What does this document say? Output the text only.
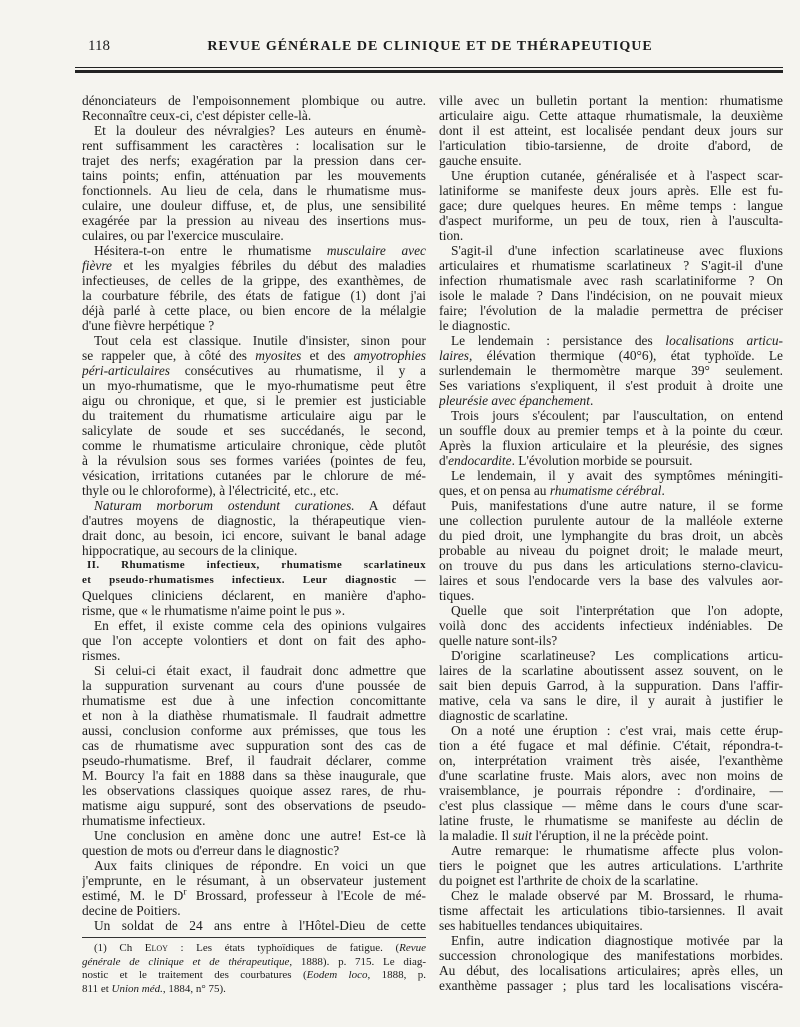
118	REVUE GÉNÉRALE DE CLINIQUE ET DE THÉRAPEUTIQUE
dénonciateurs de l'empoisonnement plombique ou autre.
Reconnaître ceux-ci, c'est dépister celle-là.
Et la douleur des névralgies? Les auteurs en énumè-
rent suffisamment les caractères : localisation sur le
trajet des nerfs; exagération par la pression dans cer-
tains points; enfin, atténuation par les mouvements
fonctionnels. Au lieu de cela, dans le rhumatisme mus-
culaire, une douleur diffuse, et, de plus, une sensibilité
exagérée par la pression au niveau des insertions mus-
culaires, ou par l'exercice musculaire.
Hésitera-t-on entre le rhumatisme musculaire avec
fièvre et les myalgies fébriles du début des maladies
infectieuses, de celles de la grippe, des exanthèmes, de
la courbature fébrile, des états de fatigue (1) dont j'ai
déjà parlé à cette place, ou bien encore de la mélalgie
d'une fièvre herpétique ?
Tout cela est classique. Inutile d'insister, sinon pour
se rappeler que, à côté des myosites et des amyotrophies
péri-articulaires consécutives au rhumatisme, il y a
un myo-rhumatisme, que le myo-rhumatisme peut être
aigu ou chronique, et que, si le premier est justiciable
du traitement du rhumatisme articulaire aigu par le
salicylate de soude et ses succédanés, le second,
comme le rhumatisme articulaire chronique, cède plutôt
à la révulsion sous ses formes variées (pointes de feu,
vésication, irritations cutanées par le chlorure de mé-
thyle ou le chloroforme), à l'électricité, etc., etc.
Naturam morborum ostendunt curationes. A défaut
d'autres moyens de diagnostic, la thérapeutique vien-
drait donc, au besoin, ici encore, suivant le banal adage
hippocratique, au secours de la clinique.
II. Rhumatisme infectieux, rhumatisme scarlatineux
et pseudo-rhumatismes infectieux. Leur diagnostic —
Quelques cliniciens déclarent, en manière d'apho-
risme, que « le rhumatisme n'aime point le pus ».
En effet, il existe comme cela des opinions vulgaires
que l'on accepte volontiers et dont on fait des apho-
rismes.
Si celui-ci était exact, il faudrait donc admettre que
la suppuration survenant au cours d'une poussée de
rhumatisme est due à une infection concomittante
et non à la diathèse rhumatismale. Il faudrait admettre
aussi, conclusion conforme aux prémisses, que tous les
cas de rhumatisme avec suppuration sont des cas de
pseudo-rhumatisme. Bref, il faudrait déclarer, comme
M. Bourcy l'a fait en 1888 dans sa thèse inaugurale, que
les observations classiques quoique assez rares, de rhu-
matisme aigu suppuré, sont des observations de pseudo-
rhumatisme infectieux.
Une conclusion en amène donc une autre! Est-ce là
question de mots ou d'erreur dans le diagnostic?
Aux faits cliniques de répondre. En voici un que
j'emprunte, en le résumant, à un observateur justement
estimé, M. le $D^r$ Brossard, professeur à l'Ecole de mé-
decine de Poitiers.
Un soldat de 24 ans entre à l'Hôtel-Dieu de cette
ville avec un bulletin portant la mention: rhumatisme
articulaire aigu. Cette attaque rhumatismale, la deuxième
dont il est atteint, est localisée pendant deux jours sur
l'articulation tibio-tarsienne, de droite d'abord, de
gauche ensuite.
Une éruption cutanée, généralisée et à l'aspect scar-
latiniforme se manifeste deux jours après. Elle est fu-
gace; dure quelques heures. En même temps : langue
d'aspect muriforme, un peu de toux, rien à l'ausculta-
tion.
S'agit-il d'une infection scarlatineuse avec fluxions
articulaires et rhumatisme scarlatineux ? S'agit-il d'une
infection rhumatismale avec rash scarlatiniforme ? On
isole le malade ? Dans l'indécision, on ne pouvait mieux
faire; l'évolution de la maladie permettra de préciser
le diagnostic.
Le lendemain : persistance des localisations articu-
laires, élévation thermique (40°6), état typhoïde. Le
surlendemain le thermomètre marque 39° seulement.
Ses variations s'expliquent, il s'est produit à droite une
pleurésie avec épanchement.
Trois jours s'écoulent; par l'auscultation, on entend
un souffle doux au premier temps et à la pointe du cœur.
Après la fluxion articulaire et la pleurésie, des signes
d'endocardite. L'évolution morbide se poursuit.
Le lendemain, il y avait des symptômes méningiti-
ques, et on pensa au rhumatisme cérébral.
Puis, manifestations d'une autre nature, il se forme
une collection purulente autour de la malléole externe
du pied droit, une lymphangite du bras droit, un abcès
probable au niveau du poignet droit; le malade meurt,
on trouve du pus dans les articulations sterno-clavicu-
laires et sous l'endocarde vers la base des valvules aor-
tiques.
Quelle que soit l'interprétation que l'on adopte,
voilà donc des accidents infectieux indéniables. De
quelle nature sont-ils?
D'origine scarlatineuse? Les complications articu-
laires de la scarlatine aboutissent assez souvent, on le
sait bien depuis Garrod, à la suppuration. Dans l'affir-
mative, cela va sans le dire, il y aurait à justifier le
diagnostic de scarlatine.
On a noté une éruption : c'est vrai, mais cette érup-
tion a été fugace et mal définie. C'était, répondra-t-
on, interprétation vraiment très aisée, l'exanthème
d'une scarlatine fruste. Mais alors, avec non moins de
vraisemblance, je pourrais répondre : d'ordinaire, —
c'est plus classique — même dans le cours d'une scar-
latine fruste, le rhumatisme se manifeste au déclin de
la maladie. Il suit l'éruption, il ne la précède point.
Autre remarque: le rhumatisme affecte plus volon-
tiers le poignet que les autres articulations. L'arthrite
du poignet est l'arthrite de choix de la scarlatine.
Chez le malade observé par M. Brossard, le rhuma-
tisme affectait les articulations tibio-tarsiennes. Il avait
ses habituelles tendances ubiquitaires.
Enfin, autre indication diagnostique motivée par la
succession chronologique des manifestations morbides.
Au début, des localisations articulaires; après elles, un
exanthème passager ; plus tard les localisations viscéra-
(1) Ch Eloy : Les états typhoïdiques de fatigue. (Revue
générale de clinique et de thérapeutique, 1888). p. 715. Le diag-
nostic et le traitement des courbatures (Eodem loco, 1888, p.
811 et Union méd., 1884, n° 75).
